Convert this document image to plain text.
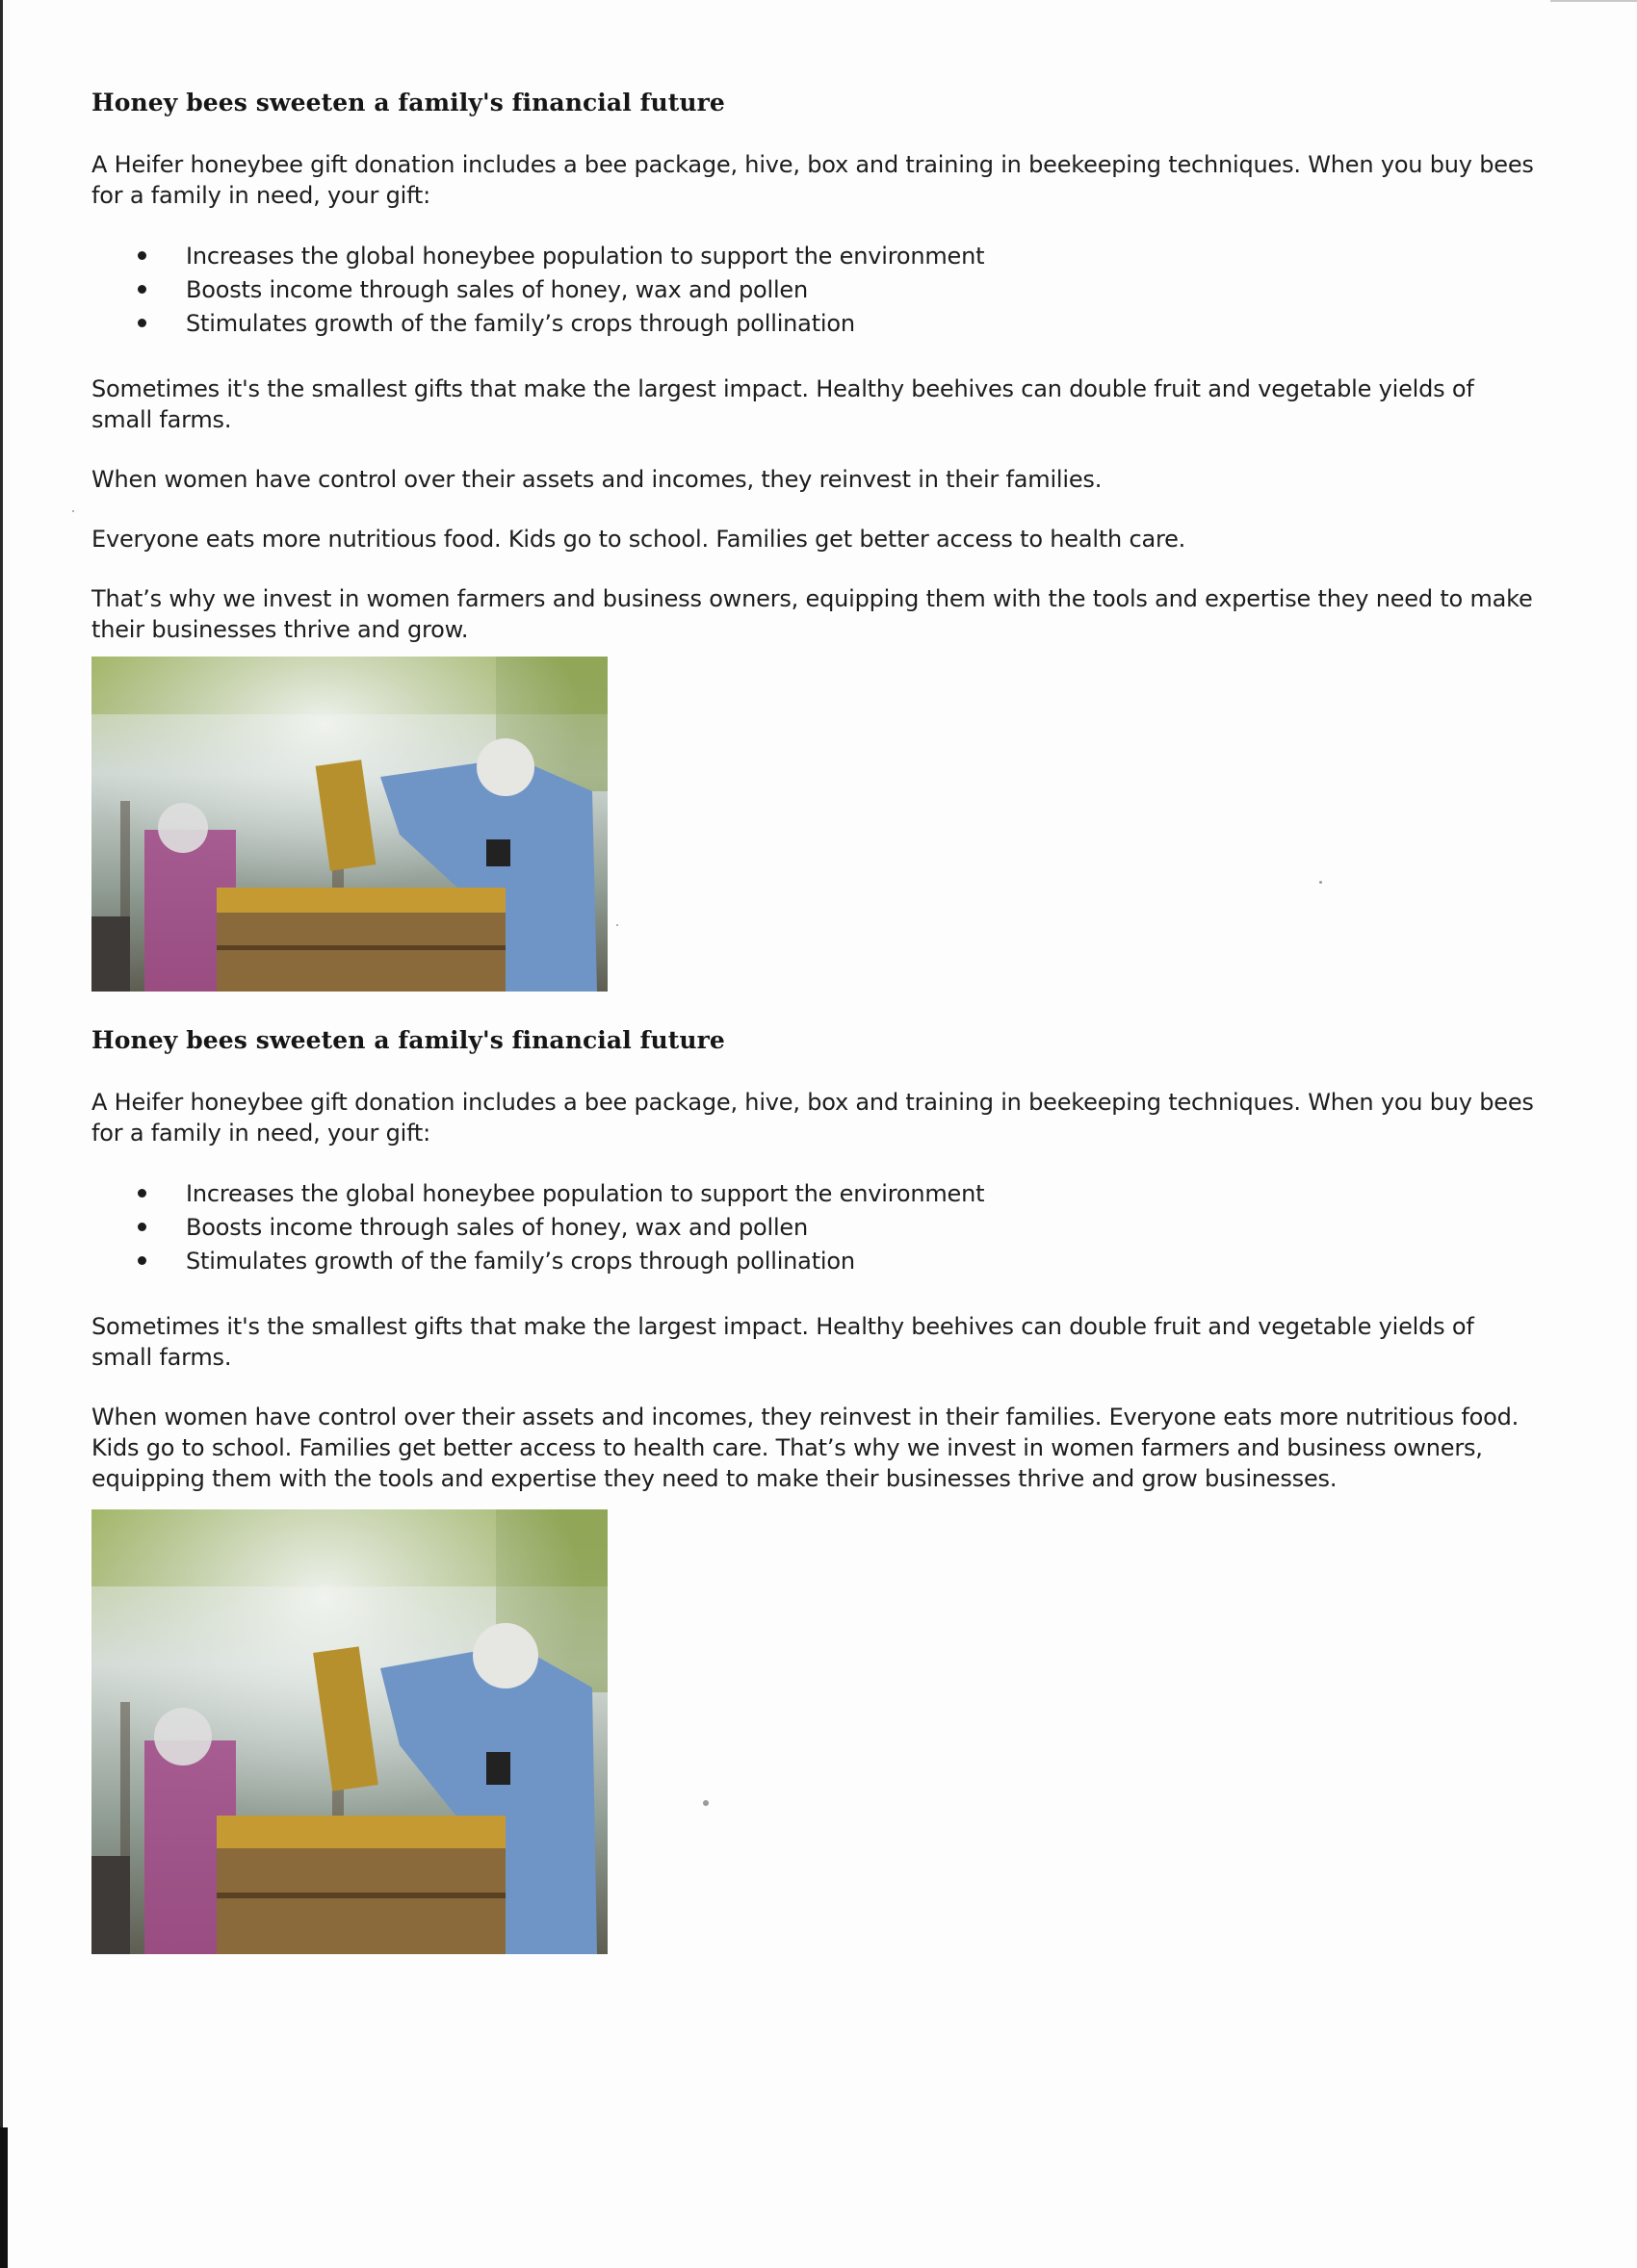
Honey bees sweeten a family's financial future

A Heifer honeybee gift donation includes a bee package, hive, box and training in beekeeping techniques. When you buy bees for a family in need, your gift:

Increases the global honeybee population to support the environment
Boosts income through sales of honey, wax and pollen
Stimulates growth of the family’s crops through pollination

Sometimes it's the smallest gifts that make the largest impact. Healthy beehives can double fruit and vegetable yields of small farms.

When women have control over their assets and incomes, they reinvest in their families.

Everyone eats more nutritious food. Kids go to school. Families get better access to health care.

That’s why we invest in women farmers and business owners, equipping them with the tools and expertise they need to make their businesses thrive and grow.

Honey bees sweeten a family's financial future

A Heifer honeybee gift donation includes a bee package, hive, box and training in beekeeping techniques. When you buy bees for a family in need, your gift:

Increases the global honeybee population to support the environment
Boosts income through sales of honey, wax and pollen
Stimulates growth of the family’s crops through pollination

Sometimes it's the smallest gifts that make the largest impact. Healthy beehives can double fruit and vegetable yields of small farms.

When women have control over their assets and incomes, they reinvest in their families. Everyone eats more nutritious food. Kids go to school. Families get better access to health care. That’s why we invest in women farmers and business owners, equipping them with the tools and expertise they need to make their businesses thrive and grow businesses.
